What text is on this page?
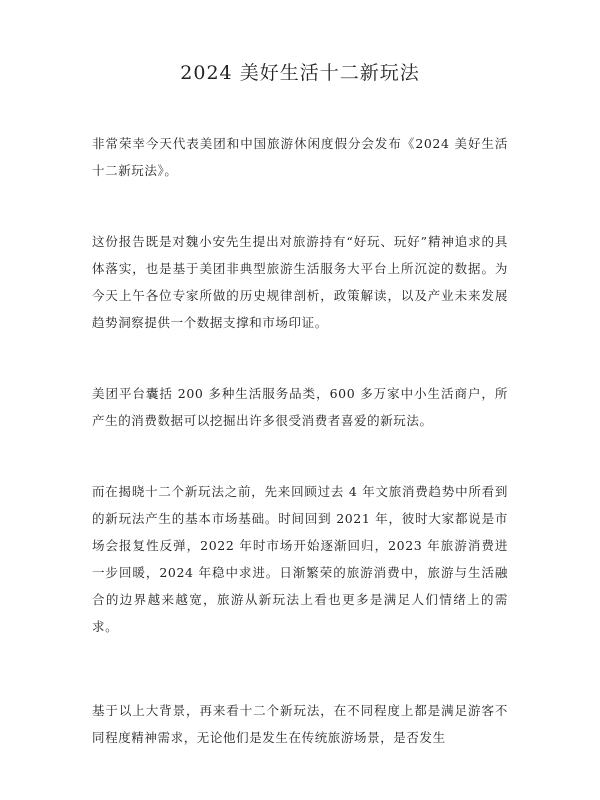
2024 美好生活十二新玩法

非常荣幸今天代表美团和中国旅游休闲度假分会发布《2024 美好生活十二新玩法》。

这份报告既是对魏小安先生提出对旅游持有“好玩、玩好”精神追求的具体落实，也是基于美团非典型旅游生活服务大平台上所沉淀的数据。为今天上午各位专家所做的历史规律剖析，政策解读，以及产业未来发展趋势洞察提供一个数据支撑和市场印证。

美团平台囊括 200 多种生活服务品类，600 多万家中小生活商户，所产生的消费数据可以挖掘出许多很受消费者喜爱的新玩法。

而在揭晓十二个新玩法之前，先来回顾过去 4 年文旅消费趋势中所看到的新玩法产生的基本市场基础。时间回到 2021 年，彼时大家都说是市场会报复性反弹，2022 年时市场开始逐渐回归，2023 年旅游消费进一步回暖，2024 年稳中求进。日渐繁荣的旅游消费中，旅游与生活融合的边界越来越宽，旅游从新玩法上看也更多是满足人们情绪上的需求。

基于以上大背景，再来看十二个新玩法，在不同程度上都是满足游客不同程度精神需求，无论他们是发生在传统旅游场景，是否发生
